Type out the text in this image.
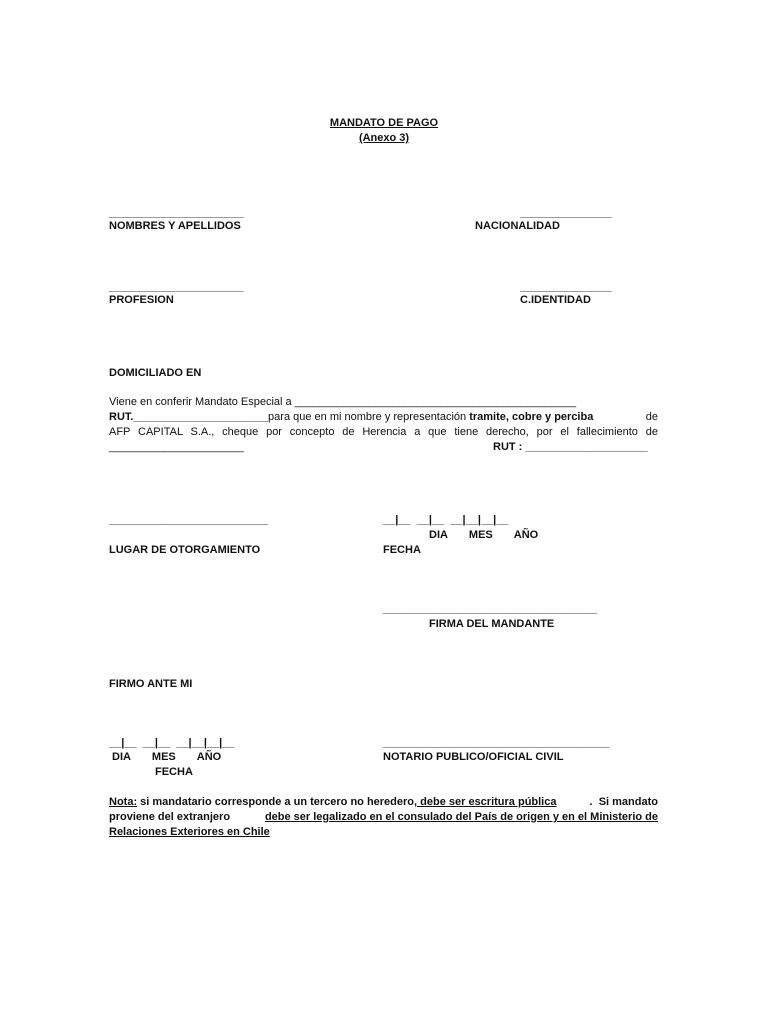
MANDATO DE PAGO
(Anexo 3)
______________________
NOMBRES Y APELLIDOS
_______________
NACIONALIDAD
______________________
PROFESION
_______________
C.IDENTIDAD
DOMICILIADO EN
Viene en conferir Mandato Especial a ______________________________________________
RUT.______________________ para que en mi nombre y representación tramite, cobre y perciba	de
AFP CAPITAL S.A., cheque por concepto de Herencia a que tiene derecho, por el fallecimiento de
______________________	RUT : ____________________
__________________________
LUGAR DE OTORGAMIENTO
__|__  __|__  __|__|__|__
DIA       MES       AÑO
FECHA
___________________________________
FIRMA DEL MANDANTE
FIRMO ANTE MI
__|__  __|__  __|__|__|__
DIA       MES       AÑO
FECHA
_____________________________________
NOTARIO PUBLICO/OFICIAL CIVIL
Nota: si mandatario corresponde a un tercero no heredero , debe ser escritura pública	.  Si mandato
proviene del extranjero	debe ser legalizado en el consulado del País de origen y en el Ministerio de
Relaciones Exteriores en Chile
